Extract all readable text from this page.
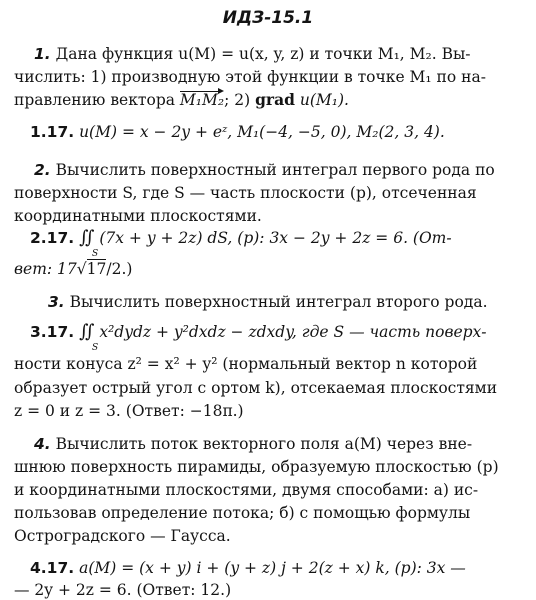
ИДЗ-15.1
1. Дана функция u(M) = u(x, y, z) и точки M₁, M₂. Вы-
числить: 1) производную этой функции в точке M₁ по на-
правлению вектора M₁M₂; 2) grad u(M₁).
1.17. u(M) = x − 2y + eᶻ, M₁(−4, −5, 0), M₂(2, 3, 4).
2. Вычислить поверхностный интеграл первого рода по
поверхности S, где S — часть плоскости (p), отсеченная
координатными плоскостями.
2.17. ∬ (7x + y + 2z) dS, (p): 3x − 2y + 2z = 6. (От-
S
вет: 17√17/2.)
3. Вычислить поверхностный интеграл второго рода.
3.17. ∬ x²dydz + y²dxdz − zdxdy, где S — часть поверх-
S
ности конуса z² = x² + y² (нормальный вектор n которой
образует острый угол с ортом k), отсекаемая плоскостями
z = 0 и z = 3. (Ответ: −18π.)
4. Вычислить поток векторного поля a(M) через вне-
шнюю поверхность пирамиды, образуемую плоскостью (p)
и координатными плоскостями, двумя способами: а) ис-
пользовав определение потока; б) с помощью формулы
Остроградского — Гаусса.
4.17. a(M) = (x + y) i + (y + z) j + 2(z + x) k, (p): 3x —
— 2y + 2z = 6. (Ответ: 12.)
